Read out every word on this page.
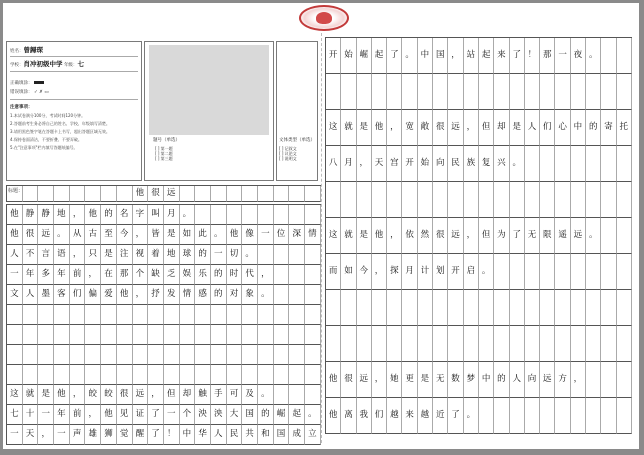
姓名：曾歸琛
学校：肖冲初级中学 年级：七
正确填涂：
错误填涂： ✓ ✗ ▭
注意事项：
1.本试卷满分100分，考试时间120分钟。
2.答题前考生务必将自己的姓名、学校、年级填写清楚。
3.请用黑色签字笔在答题卡上书写，超出答题区域无效。
4.保持卷面清洁，不要折叠、不要弄破。
5.在"注意事项"栏内填写答题纸编号。
题号（单选）
[ ] 第一题
[ ] 第二题
[ ] 第三题
文体类型（单选）
[ ] 记叙文
[ ] 议论文
[ ] 说明文
标题：	他 很 远
他 静 静 地 ， 他 的 名 字 叫 月 。
他 很 远 。 从 古 至 今 ， 皆 是 如 此 。 他 像 一 位 深 情
人 不 言 语 ， 只 是 注 视 着 地 球 的 一 切 。
一 年 多 年 前 ， 在 那 个 缺 乏 娱 乐 的 时 代 ，
文 人 墨 客 们 偏 爱 他 ， 抒 发 情 感 的 对 象 。
这 就 是 他 ， 皎 皎 很 远 ， 但 却 触 手 可 及 。
七 十 一 年 前 ， 他 见 证 了 一 个 泱 泱 大 国 的 崛 起 。
一 天 ， 一 声 雄 狮 觉 醒 了 ！ 中 华 人 民 共 和 国 成 立
开 始 崛 起 了 。 中 国 ， 站 起 来 了 ！ 那 一 夜 。
这 就 是 他 ， 宽 敞 很 远 ， 但 却 是 人 们 心 中 的 寄 托
八 月 ， 天 宫 开 始 向 民 族 复 兴 。
这 就 是 他 ， 依 然 很 远 ， 但 为 了 无 限 遥 远 。
而 如 今 ， 探 月 计 划 开 启 。
他 很 远 ， 她 更 是 无 数 梦 中 的 人 向 远 方 ，
他 离 我 们 越 来 越 近 了 。
